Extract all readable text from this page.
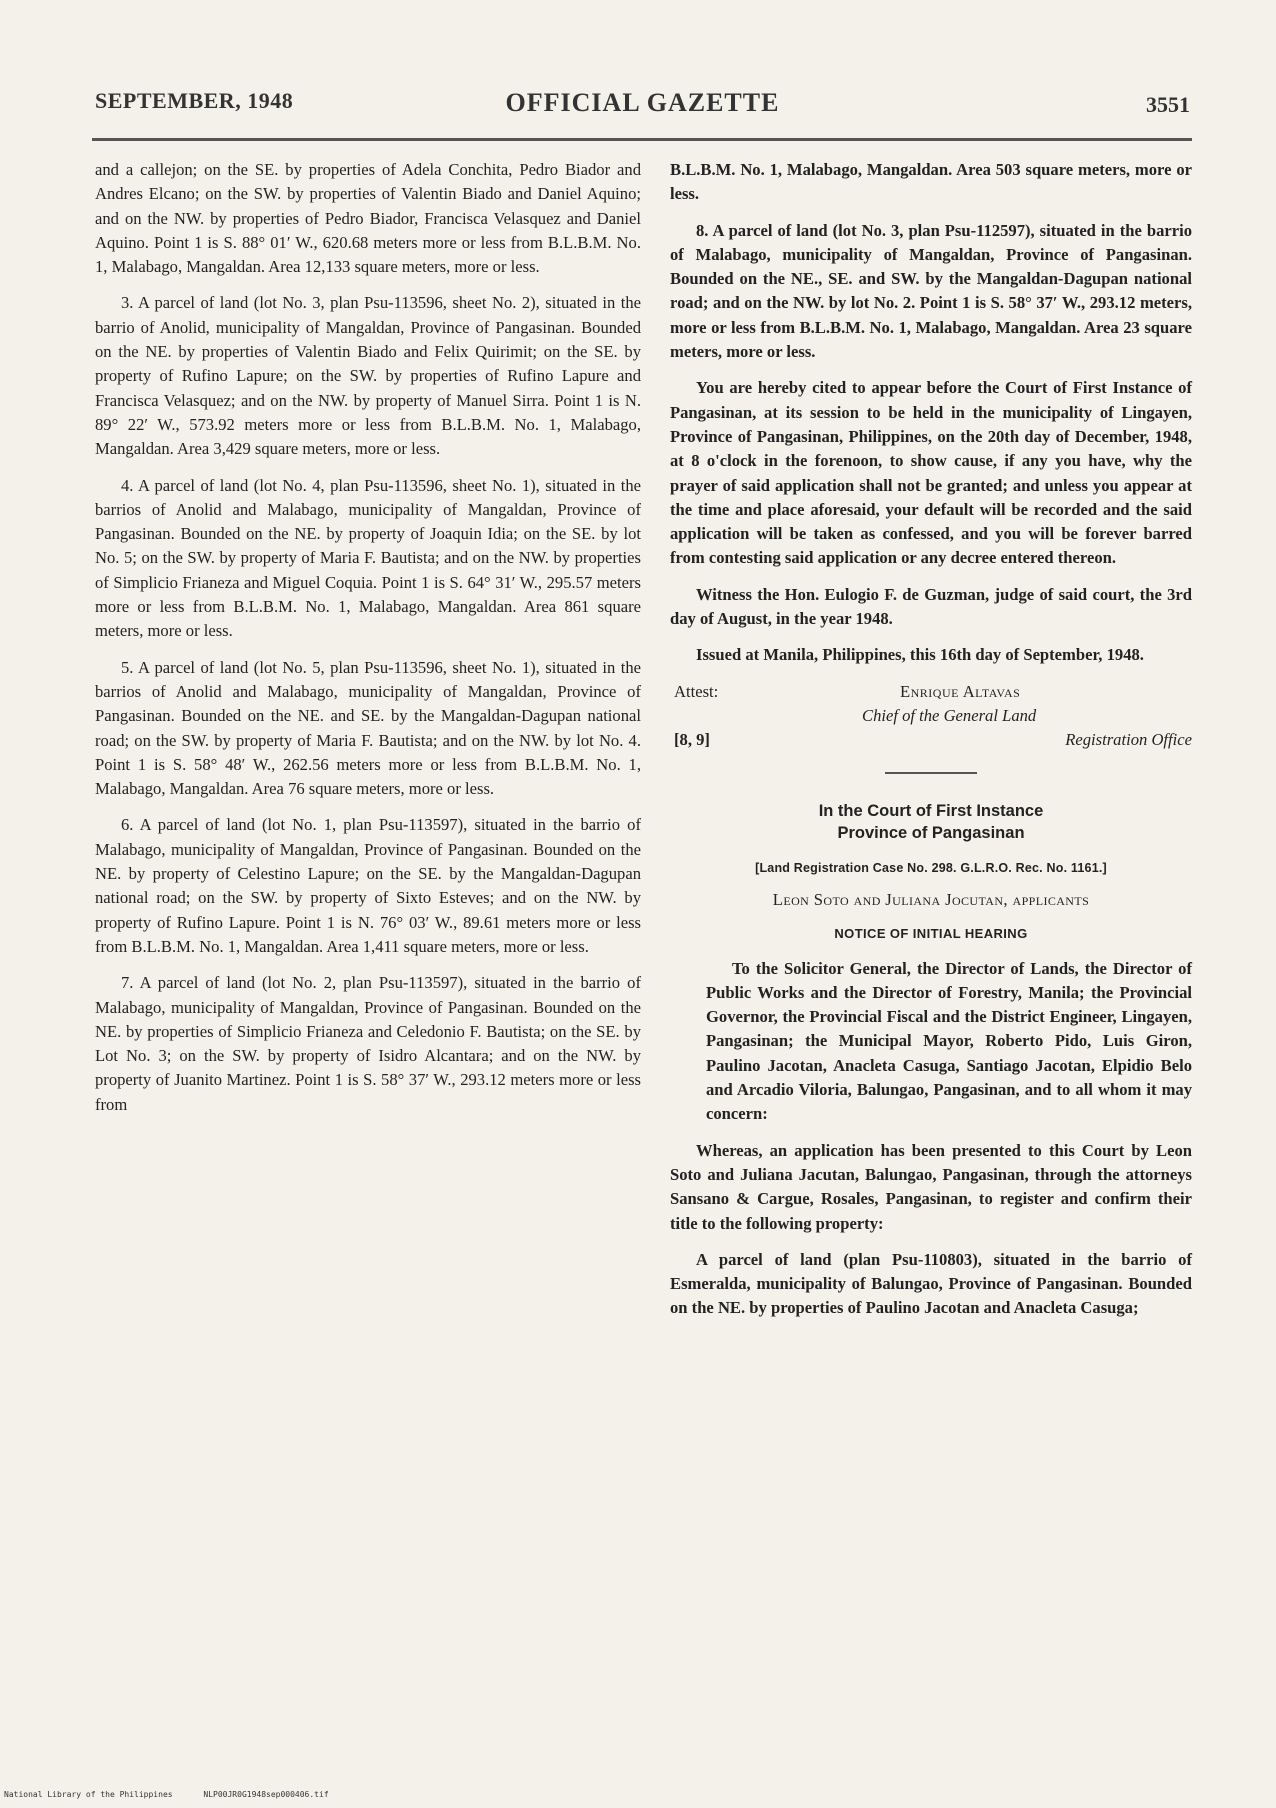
SEPTEMBER, 1948	OFFICIAL GAZETTE	3551

and a callejon; on the SE. by properties of Adela Conchita, Pedro Biador and Andres Elcano; on the SW. by properties of Valentin Biado and Daniel Aquino; and on the NW. by properties of Pedro Biador, Francisca Velasquez and Daniel Aquino. Point 1 is S. 88° 01′ W., 620.68 meters more or less from B.L.B.M. No. 1, Malabago, Mangaldan. Area 12,133 square meters, more or less.

3. A parcel of land (lot No. 3, plan Psu-113596, sheet No. 2), situated in the barrio of Anolid, municipality of Mangaldan, Province of Pangasinan. Bounded on the NE. by properties of Valentin Biado and Felix Quirimit; on the SE. by property of Rufino Lapure; on the SW. by properties of Rufino Lapure and Francisca Velasquez; and on the NW. by property of Manuel Sirra. Point 1 is N. 89° 22′ W., 573.92 meters more or less from B.L.B.M. No. 1, Malabago, Mangaldan. Area 3,429 square meters, more or less.

4. A parcel of land (lot No. 4, plan Psu-113596, sheet No. 1), situated in the barrios of Anolid and Malabago, municipality of Mangaldan, Province of Pangasinan. Bounded on the NE. by property of Joaquin Idia; on the SE. by lot No. 5; on the SW. by property of Maria F. Bautista; and on the NW. by properties of Simplicio Frianeza and Miguel Coquia. Point 1 is S. 64° 31′ W., 295.57 meters more or less from B.L.B.M. No. 1, Malabago, Mangaldan. Area 861 square meters, more or less.

5. A parcel of land (lot No. 5, plan Psu-113596, sheet No. 1), situated in the barrios of Anolid and Malabago, municipality of Mangaldan, Province of Pangasinan. Bounded on the NE. and SE. by the Mangaldan-Dagupan national road; on the SW. by property of Maria F. Bautista; and on the NW. by lot No. 4. Point 1 is S. 58° 48′ W., 262.56 meters more or less from B.L.B.M. No. 1, Malabago, Mangaldan. Area 76 square meters, more or less.

6. A parcel of land (lot No. 1, plan Psu-113597), situated in the barrio of Malabago, municipality of Mangaldan, Province of Pangasinan. Bounded on the NE. by property of Celestino Lapure; on the SE. by the Mangaldan-Dagupan national road; on the SW. by property of Sixto Esteves; and on the NW. by property of Rufino Lapure. Point 1 is N. 76° 03′ W., 89.61 meters more or less from B.L.B.M. No. 1, Mangaldan. Area 1,411 square meters, more or less.

7. A parcel of land (lot No. 2, plan Psu-113597), situated in the barrio of Malabago, municipality of Mangaldan, Province of Pangasinan. Bounded on the NE. by properties of Simplicio Frianeza and Celedonio F. Bautista; on the SE. by Lot No. 3; on the SW. by property of Isidro Alcantara; and on the NW. by property of Juanito Martinez. Point 1 is S. 58° 37′ W., 293.12 meters more or less from

B.L.B.M. No. 1, Malabago, Mangaldan. Area 503 square meters, more or less.

8. A parcel of land (lot No. 3, plan Psu-112597), situated in the barrio of Malabago, municipality of Mangaldan, Province of Pangasinan. Bounded on the NE., SE. and SW. by the Mangaldan-Dagupan national road; and on the NW. by lot No. 2. Point 1 is S. 58° 37′ W., 293.12 meters, more or less from B.L.B.M. No. 1, Malabago, Mangaldan. Area 23 square meters, more or less.

You are hereby cited to appear before the Court of First Instance of Pangasinan, at its session to be held in the municipality of Lingayen, Province of Pangasinan, Philippines, on the 20th day of December, 1948, at 8 o'clock in the forenoon, to show cause, if any you have, why the prayer of said application shall not be granted; and unless you appear at the time and place aforesaid, your default will be recorded and the said application will be taken as confessed, and you will be forever barred from contesting said application or any decree entered thereon.

Witness the Hon. Eulogio F. de Guzman, judge of said court, the 3rd day of August, in the year 1948.

Issued at Manila, Philippines, this 16th day of September, 1948.

Attest:	Enrique Altavas
Chief of the General Land
[8, 9]	Registration Office
In the Court of First Instance
Province of Pangasinan
[Land Registration Case No. 298. G.L.R.O. Rec. No. 1161.]
Leon Soto and Juliana Jocutan, applicants
NOTICE OF INITIAL HEARING

To the Solicitor General, the Director of Lands, the Director of Public Works and the Director of Forestry, Manila; the Provincial Governor, the Provincial Fiscal and the District Engineer, Lingayen, Pangasinan; the Municipal Mayor, Roberto Pido, Luis Giron, Paulino Jacotan, Anacleta Casuga, Santiago Jacotan, Elpidio Belo and Arcadio Viloria, Balungao, Pangasinan, and to all whom it may concern:

Whereas, an application has been presented to this Court by Leon Soto and Juliana Jacutan, Balungao, Pangasinan, through the attorneys Sansano & Cargue, Rosales, Pangasinan, to register and confirm their title to the following property:

A parcel of land (plan Psu-110803), situated in the barrio of Esmeralda, municipality of Balungao, Province of Pangasinan. Bounded on the NE. by properties of Paulino Jacotan and Anacleta Casuga;

National Library of the Philippines	NLP00JR0G1948sep000406.tif
